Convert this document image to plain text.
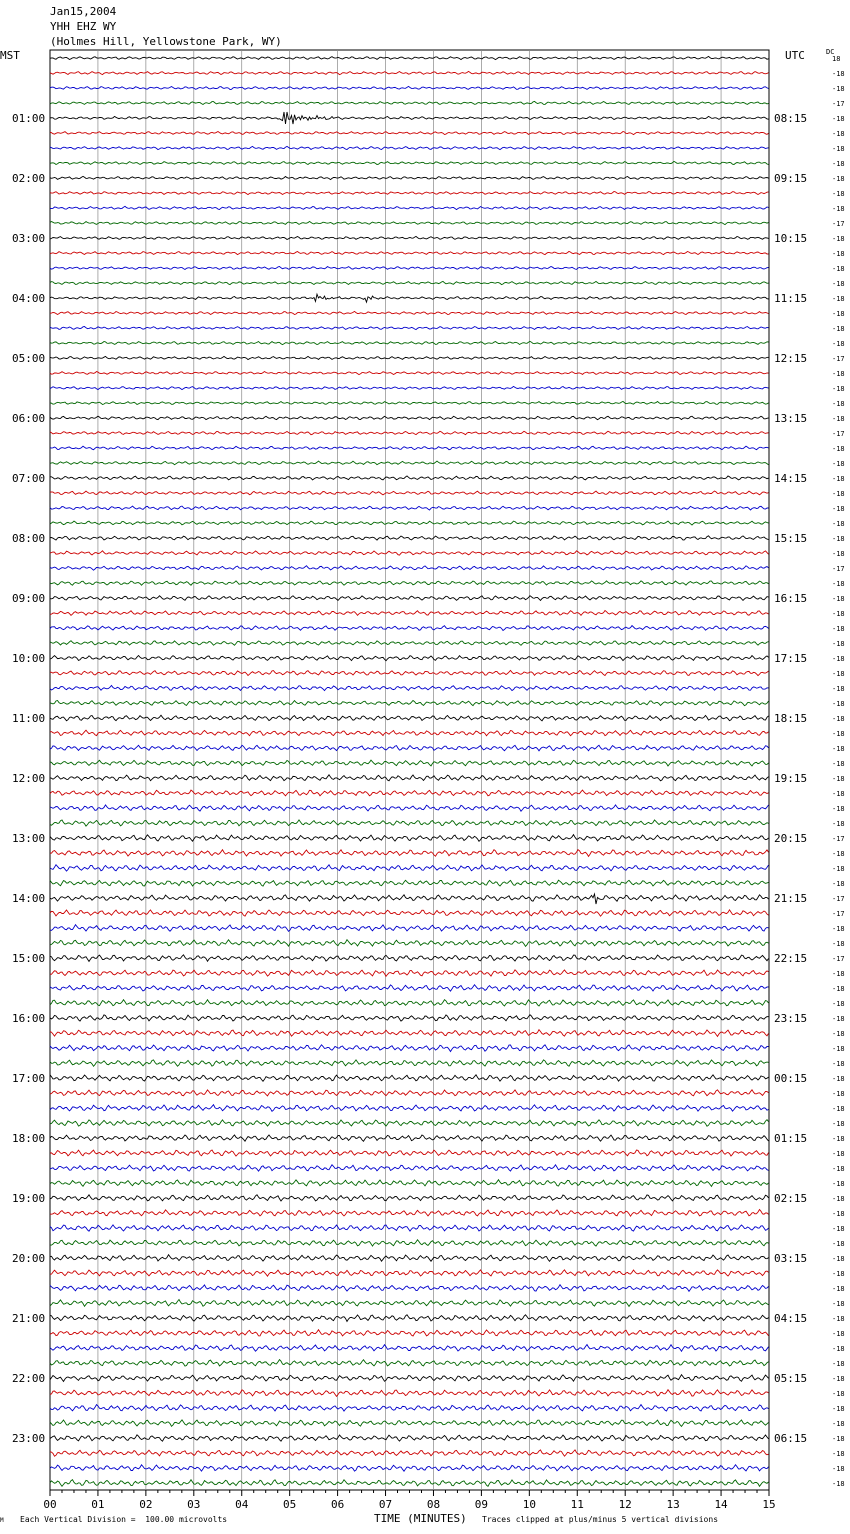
Jan15,2004
YHH EHZ WY
(Holmes Hill, Yellowstone Park, WY)
MST	UTC	DC
00	01	02	03	04	05	06	07	08	09	10	11	12	13	14	15
18
-18
-18
-17
-18
01:00	08:15
-18
-18
-18
-18
02:00	09:15
-18
-18
-17
-18
03:00	10:15
-18
-18
-18
-18
04:00	11:15
-18
-18
-18
-17
05:00	12:15
-18
-18
-18
-18
06:00	13:15
-17
-18
-18
-18
07:00	14:15
-18
-18
-18
-18
08:00	15:15
-18
-17
-18
-18
09:00	16:15
-18
-18
-18
-18
10:00	17:15
-18
-18
-18
-18
11:00	18:15
-18
-18
-18
-18
12:00	19:15
-18
-18
-18
-17
13:00	20:15
-18
-18
-18
-17
14:00	21:15
-17
-18
-18
-17
15:00	22:15
-18
-18
-18
-18
16:00	23:15
-18
-18
-18
-18
17:00	00:15
-18
-18
-18
-18
18:00	01:15
-18
-18
-18
-18
19:00	02:15
-18
-18
-18
-18
20:00	03:15
-18
-18
-18
-18
21:00	04:15
-18
-18
-18
-18
22:00	05:15
-18
-18
-18
-18
23:00	06:15
-18
-18
-18
M Each Vertical Division =  100.00 microvolts	TIME (MINUTES) Traces clipped at plus/minus 5 vertical divisions
